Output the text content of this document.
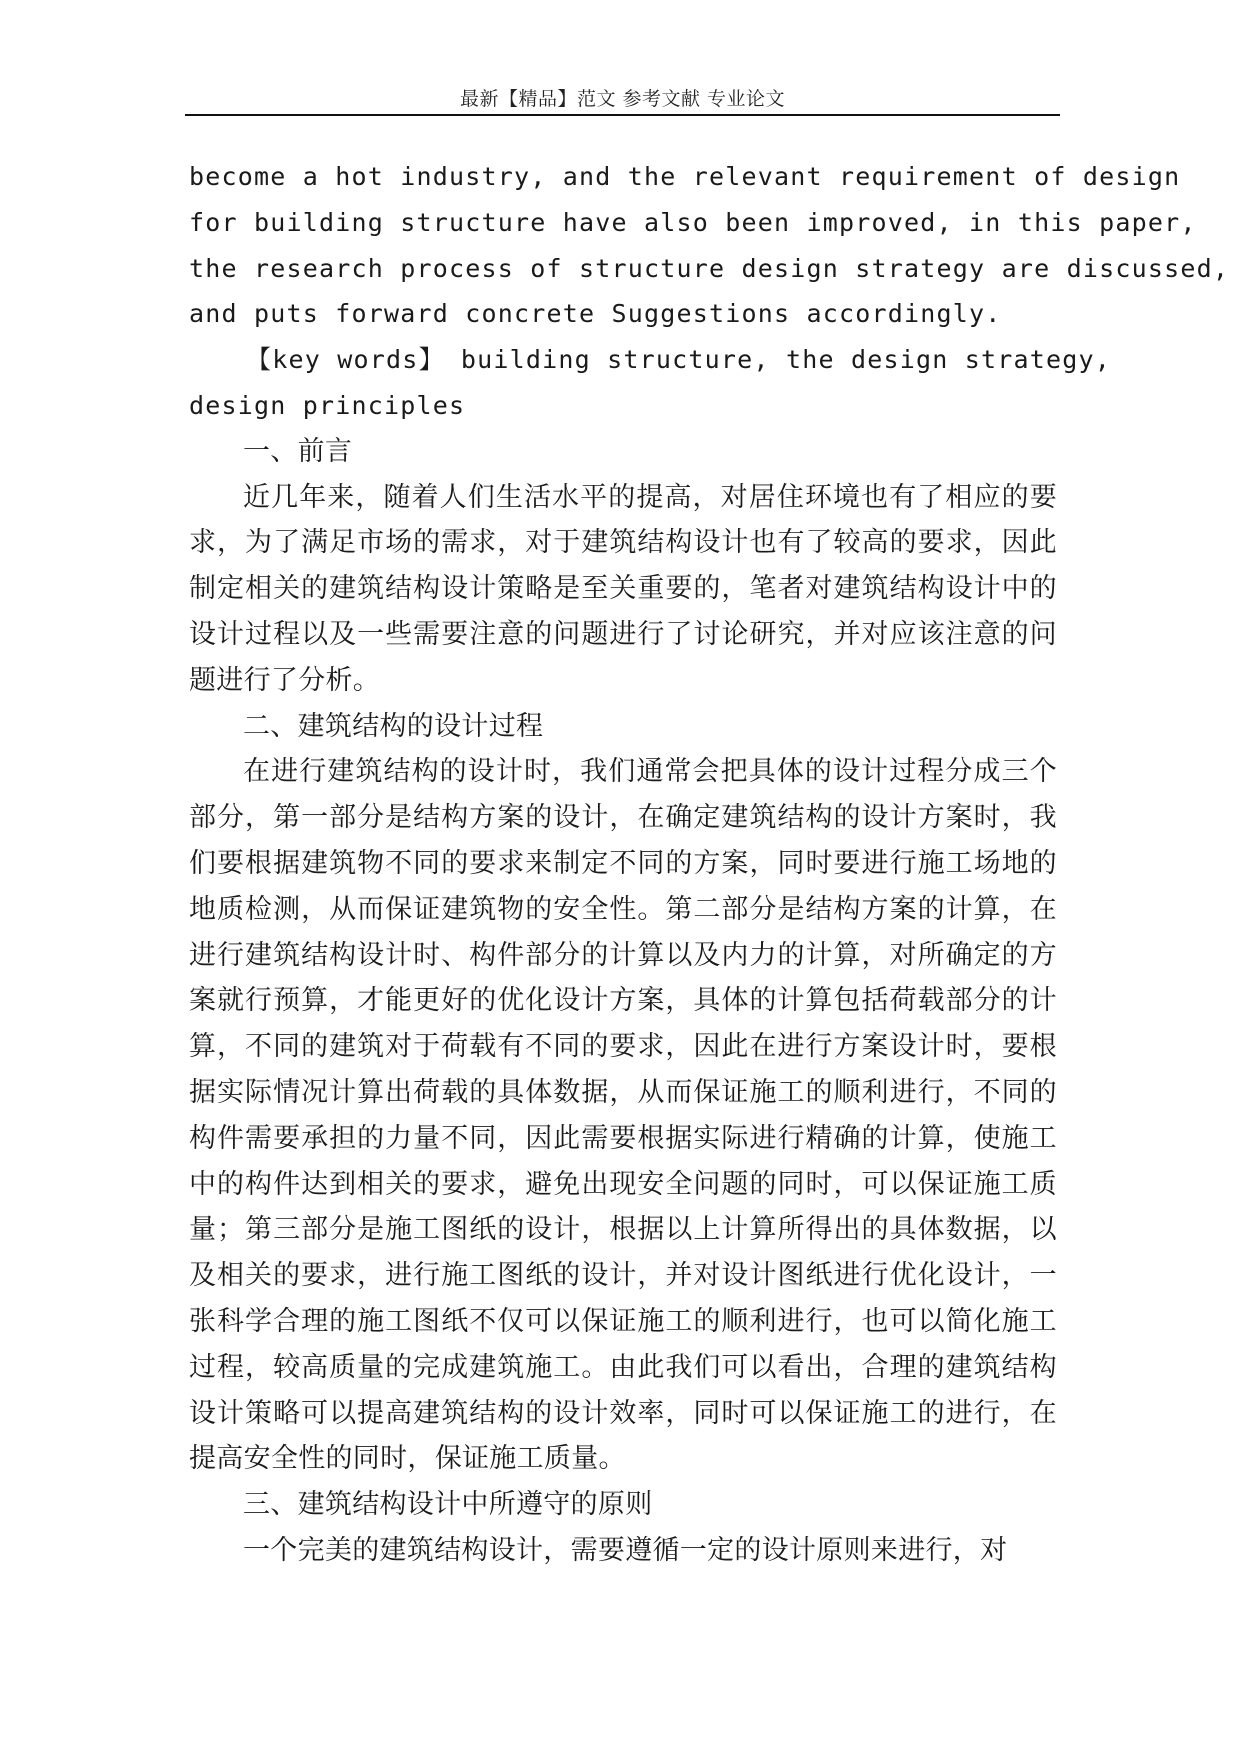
最新【精品】范文 参考文献 专业论文
become a hot industry, and the relevant requirement of design
for building structure have also been improved, in this paper,
the research process of structure design strategy are discussed,
and puts forward concrete Suggestions accordingly.
【key words】 building structure, the design strategy,
design principles

一、前言

近几年来，随着人们生活水平的提高，对居住环境也有了相应的要求，为了满足市场的需求，对于建筑结构设计也有了较高的要求，因此制定相关的建筑结构设计策略是至关重要的，笔者对建筑结构设计中的设计过程以及一些需要注意的问题进行了讨论研究，并对应该注意的问题进行了分析。

二、建筑结构的设计过程

在进行建筑结构的设计时，我们通常会把具体的设计过程分成三个部分，第一部分是结构方案的设计，在确定建筑结构的设计方案时，我们要根据建筑物不同的要求来制定不同的方案，同时要进行施工场地的地质检测，从而保证建筑物的安全性。第二部分是结构方案的计算，在进行建筑结构设计时、构件部分的计算以及内力的计算，对所确定的方案就行预算，才能更好的优化设计方案，具体的计算包括荷载部分的计算，不同的建筑对于荷载有不同的要求，因此在进行方案设计时，要根据实际情况计算出荷载的具体数据，从而保证施工的顺利进行，不同的构件需要承担的力量不同，因此需要根据实际进行精确的计算，使施工中的构件达到相关的要求，避免出现安全问题的同时，可以保证施工质量；第三部分是施工图纸的设计，根据以上计算所得出的具体数据，以及相关的要求，进行施工图纸的设计，并对设计图纸进行优化设计，一张科学合理的施工图纸不仅可以保证施工的顺利进行，也可以简化施工过程，较高质量的完成建筑施工。由此我们可以看出，合理的建筑结构设计策略可以提高建筑结构的设计效率，同时可以保证施工的进行，在提高安全性的同时，保证施工质量。

三、建筑结构设计中所遵守的原则

一个完美的建筑结构设计，需要遵循一定的设计原则来进行，对
